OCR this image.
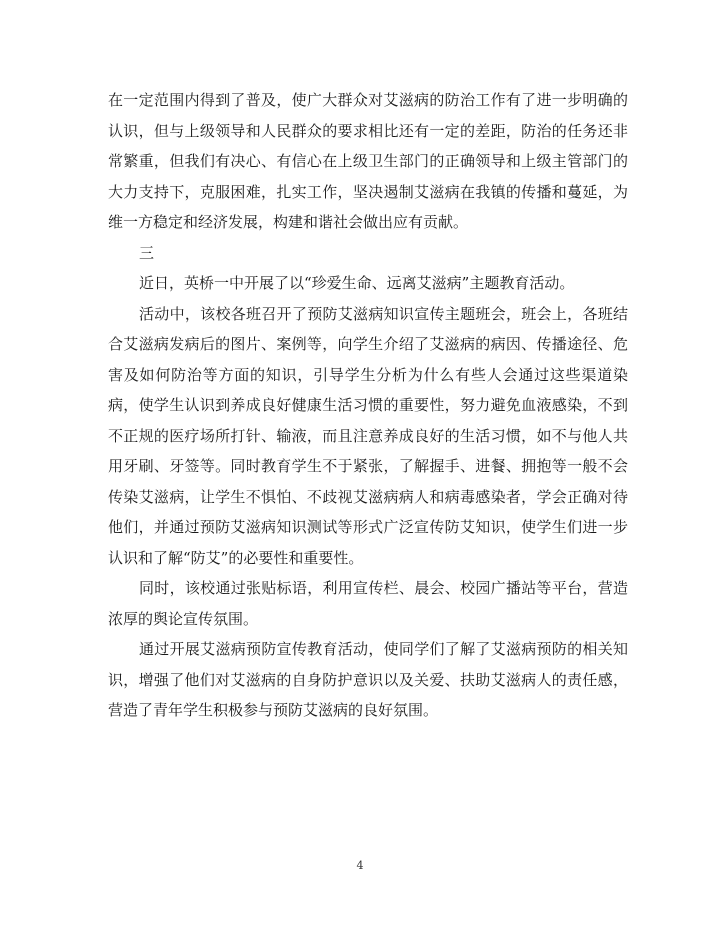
在一定范围内得到了普及，使广大群众对艾滋病的防治工作有了进一步明确的认识，但与上级领导和人民群众的要求相比还有一定的差距，防治的任务还非常繁重，但我们有决心、有信心在上级卫生部门的正确领导和上级主管部门的大力支持下，克服困难，扎实工作，坚决遏制艾滋病在我镇的传播和蔓延，为维一方稳定和经济发展，构建和谐社会做出应有贡献。

三

近日，英桥一中开展了以“珍爱生命、远离艾滋病”主题教育活动。

活动中，该校各班召开了预防艾滋病知识宣传主题班会，班会上，各班结合艾滋病发病后的图片、案例等，向学生介绍了艾滋病的病因、传播途径、危害及如何防治等方面的知识，引导学生分析为什么有些人会通过这些渠道染病，使学生认识到养成良好健康生活习惯的重要性，努力避免血液感染，不到不正规的医疗场所打针、输液，而且注意养成良好的生活习惯，如不与他人共用牙刷、牙签等。同时教育学生不于紧张，了解握手、进餐、拥抱等一般不会传染艾滋病，让学生不惧怕、不歧视艾滋病病人和病毒感染者，学会正确对待他们，并通过预防艾滋病知识测试等形式广泛宣传防艾知识，使学生们进一步认识和了解“防艾”的必要性和重要性。

同时，该校通过张贴标语，利用宣传栏、晨会、校园广播站等平台，营造浓厚的舆论宣传氛围。

通过开展艾滋病预防宣传教育活动，使同学们了解了艾滋病预防的相关知识，增强了他们对艾滋病的自身防护意识以及关爱、扶助艾滋病人的责任感，营造了青年学生积极参与预防艾滋病的良好氛围。

4
